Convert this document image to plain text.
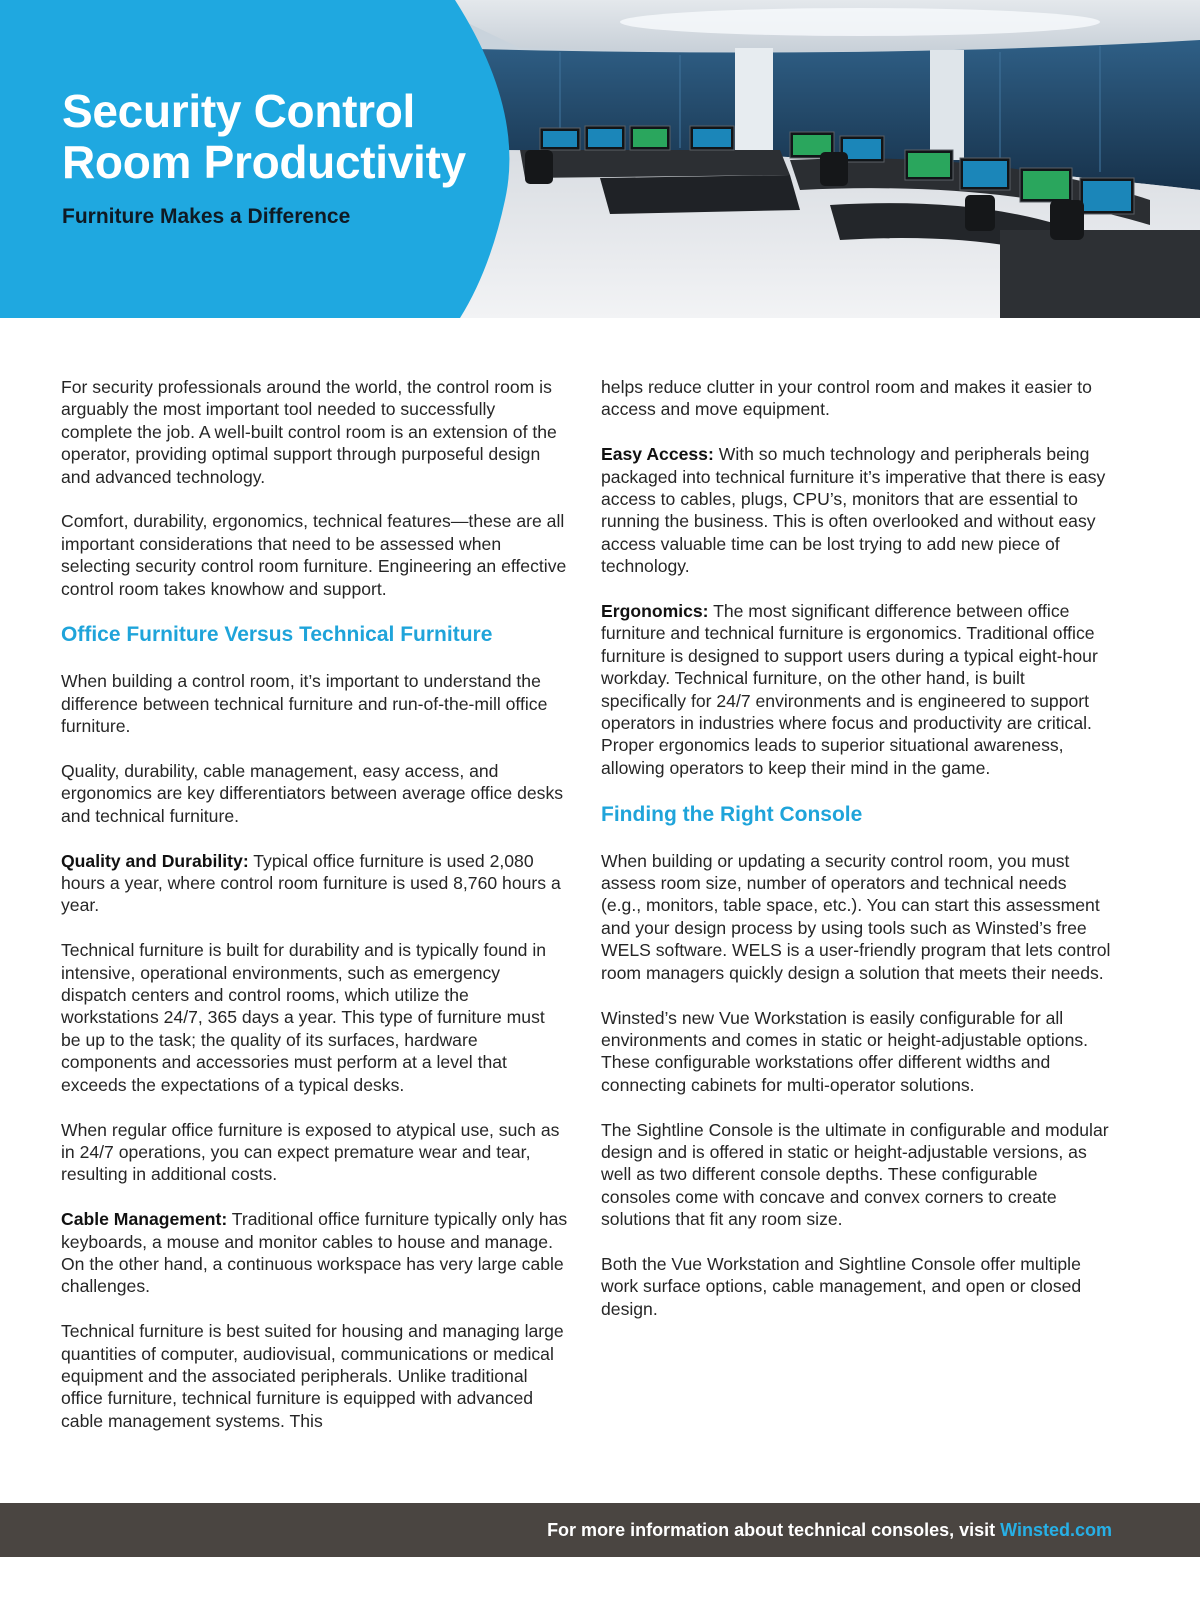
Security Control
Room Productivity

Furniture Makes a Difference

For security professionals around the world, the control room is arguably the most important tool needed to successfully complete the job. A well-built control room is an extension of the operator, providing optimal support through purposeful design and advanced technology.

Comfort, durability, ergonomics, technical features—these are all important considerations that need to be assessed when selecting security control room furniture. Engineering an effective control room takes knowhow and support.

Office Furniture Versus Technical Furniture

When building a control room, it’s important to understand the difference between technical furniture and run-of-the-mill office furniture.

Quality, durability, cable management, easy access, and ergonomics are key differentiators between average office desks and technical furniture.

Quality and Durability: Typical office furniture is used 2,080 hours a year, where control room furniture is used 8,760 hours a year.

Technical furniture is built for durability and is typically found in intensive, operational environments, such as emergency dispatch centers and control rooms, which utilize the workstations 24/7, 365 days a year. This type of furniture must be up to the task; the quality of its surfaces, hardware components and accessories must perform at a level that exceeds the expectations of a typical desks.

When regular office furniture is exposed to atypical use, such as in 24/7 operations, you can expect premature wear and tear, resulting in additional costs.

Cable Management: Traditional office furniture typically only has keyboards, a mouse and monitor cables to house and manage. On the other hand, a continuous workspace has very large cable challenges.

Technical furniture is best suited for housing and managing large quantities of computer, audiovisual, communications or medical equipment and the associated peripherals. Unlike traditional office furniture, technical furniture is equipped with advanced cable management systems. This

helps reduce clutter in your control room and makes it easier to access and move equipment.

Easy Access: With so much technology and peripherals being packaged into technical furniture it’s imperative that there is easy access to cables, plugs, CPU’s, monitors that are essential to running the business. This is often overlooked and without easy access valuable time can be lost trying to add new piece of technology.

Ergonomics: The most significant difference between office furniture and technical furniture is ergonomics. Traditional office furniture is designed to support users during a typical eight-hour workday. Technical furniture, on the other hand, is built specifically for 24/7 environments and is engineered to support operators in industries where focus and productivity are critical. Proper ergonomics leads to superior situational awareness, allowing operators to keep their mind in the game.

Finding the Right Console

When building or updating a security control room, you must assess room size, number of operators and technical needs (e.g., monitors, table space, etc.). You can start this assessment and your design process by using tools such as Winsted’s free WELS software. WELS is a user-friendly program that lets control room managers quickly design a solution that meets their needs.

Winsted’s new Vue Workstation is easily configurable for all environments and comes in static or height-adjustable options. These configurable workstations offer different widths and connecting cabinets for multi-operator solutions.

The Sightline Console is the ultimate in configurable and modular design and is offered in static or height-adjustable versions, as well as two different console depths. These configurable consoles come with concave and convex corners to create solutions that fit any room size.

Both the Vue Workstation and Sightline Console offer multiple work surface options, cable management, and open or closed design.

For more information about technical consoles, visit Winsted.com
